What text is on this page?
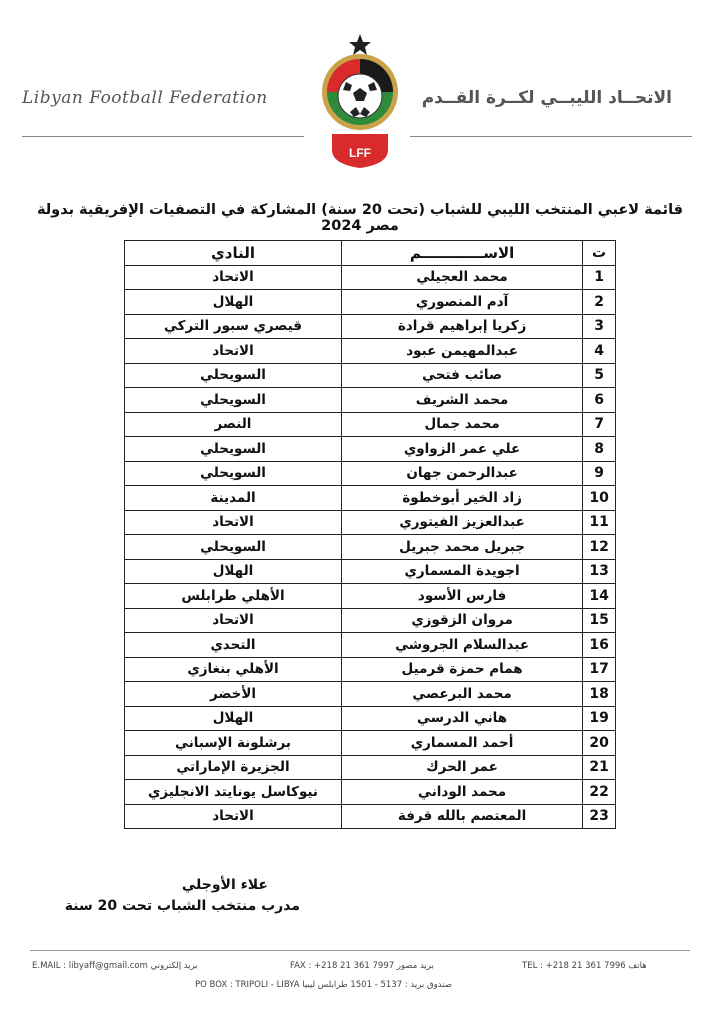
Libyan Football Federation	الاتحــاد الليبــي لكــرة القــدم
LFF
قائمة لاعبي المنتخب الليبي للشباب (تحت 20 سنة) المشاركة في التصفيات الإفريقية بدولة مصر 2024
ت	الاســــــــــــم	النادي
1	محمد العجيلي	الاتحاد
2	آدم المنصوري	الهلال
3	زكريا إبراهيم قرادة	قيصري سبور التركي
4	عبدالمهيمن عبود	الاتحاد
5	صائب فتحي	السويحلي
6	محمد الشريف	السويحلي
7	محمد جمال	النصر
8	علي عمر الزواوي	السويحلي
9	عبدالرحمن جهان	السويحلي
10	زاد الخير أبوخطوة	المدينة
11	عبدالعزيز الفيتوري	الاتحاد
12	جبريل محمد جبريل	السويحلي
13	اجويدة المسماري	الهلال
14	فارس الأسود	الأهلي طرابلس
15	مروان الزقوزي	الاتحاد
16	عبدالسلام الجروشي	التحدي
17	همام حمزة قرميل	الأهلي بنغازي
18	محمد البرعصي	الأخضر
19	هاني الدرسي	الهلال
20	أحمد المسماري	برشلونة الإسباني
21	عمر الحرك	الجزيرة الإماراتي
22	محمد الوداني	نيوكاسل يونايتد الانجليزي
23	المعتصم بالله قرفة	الاتحاد
علاء الأوجلي
مدرب منتخب الشباب تحت 20 سنة
E.MAIL : libyaff@gmail.com بريد إلكتروني	FAX : +218 21 361 7997 بريد مصور	TEL : +218 21 361 7996 هاتف
PO BOX : TRIPOLI - LIBYA صندوق بريد : 5137 - 1501 طرابلس ليبيا
